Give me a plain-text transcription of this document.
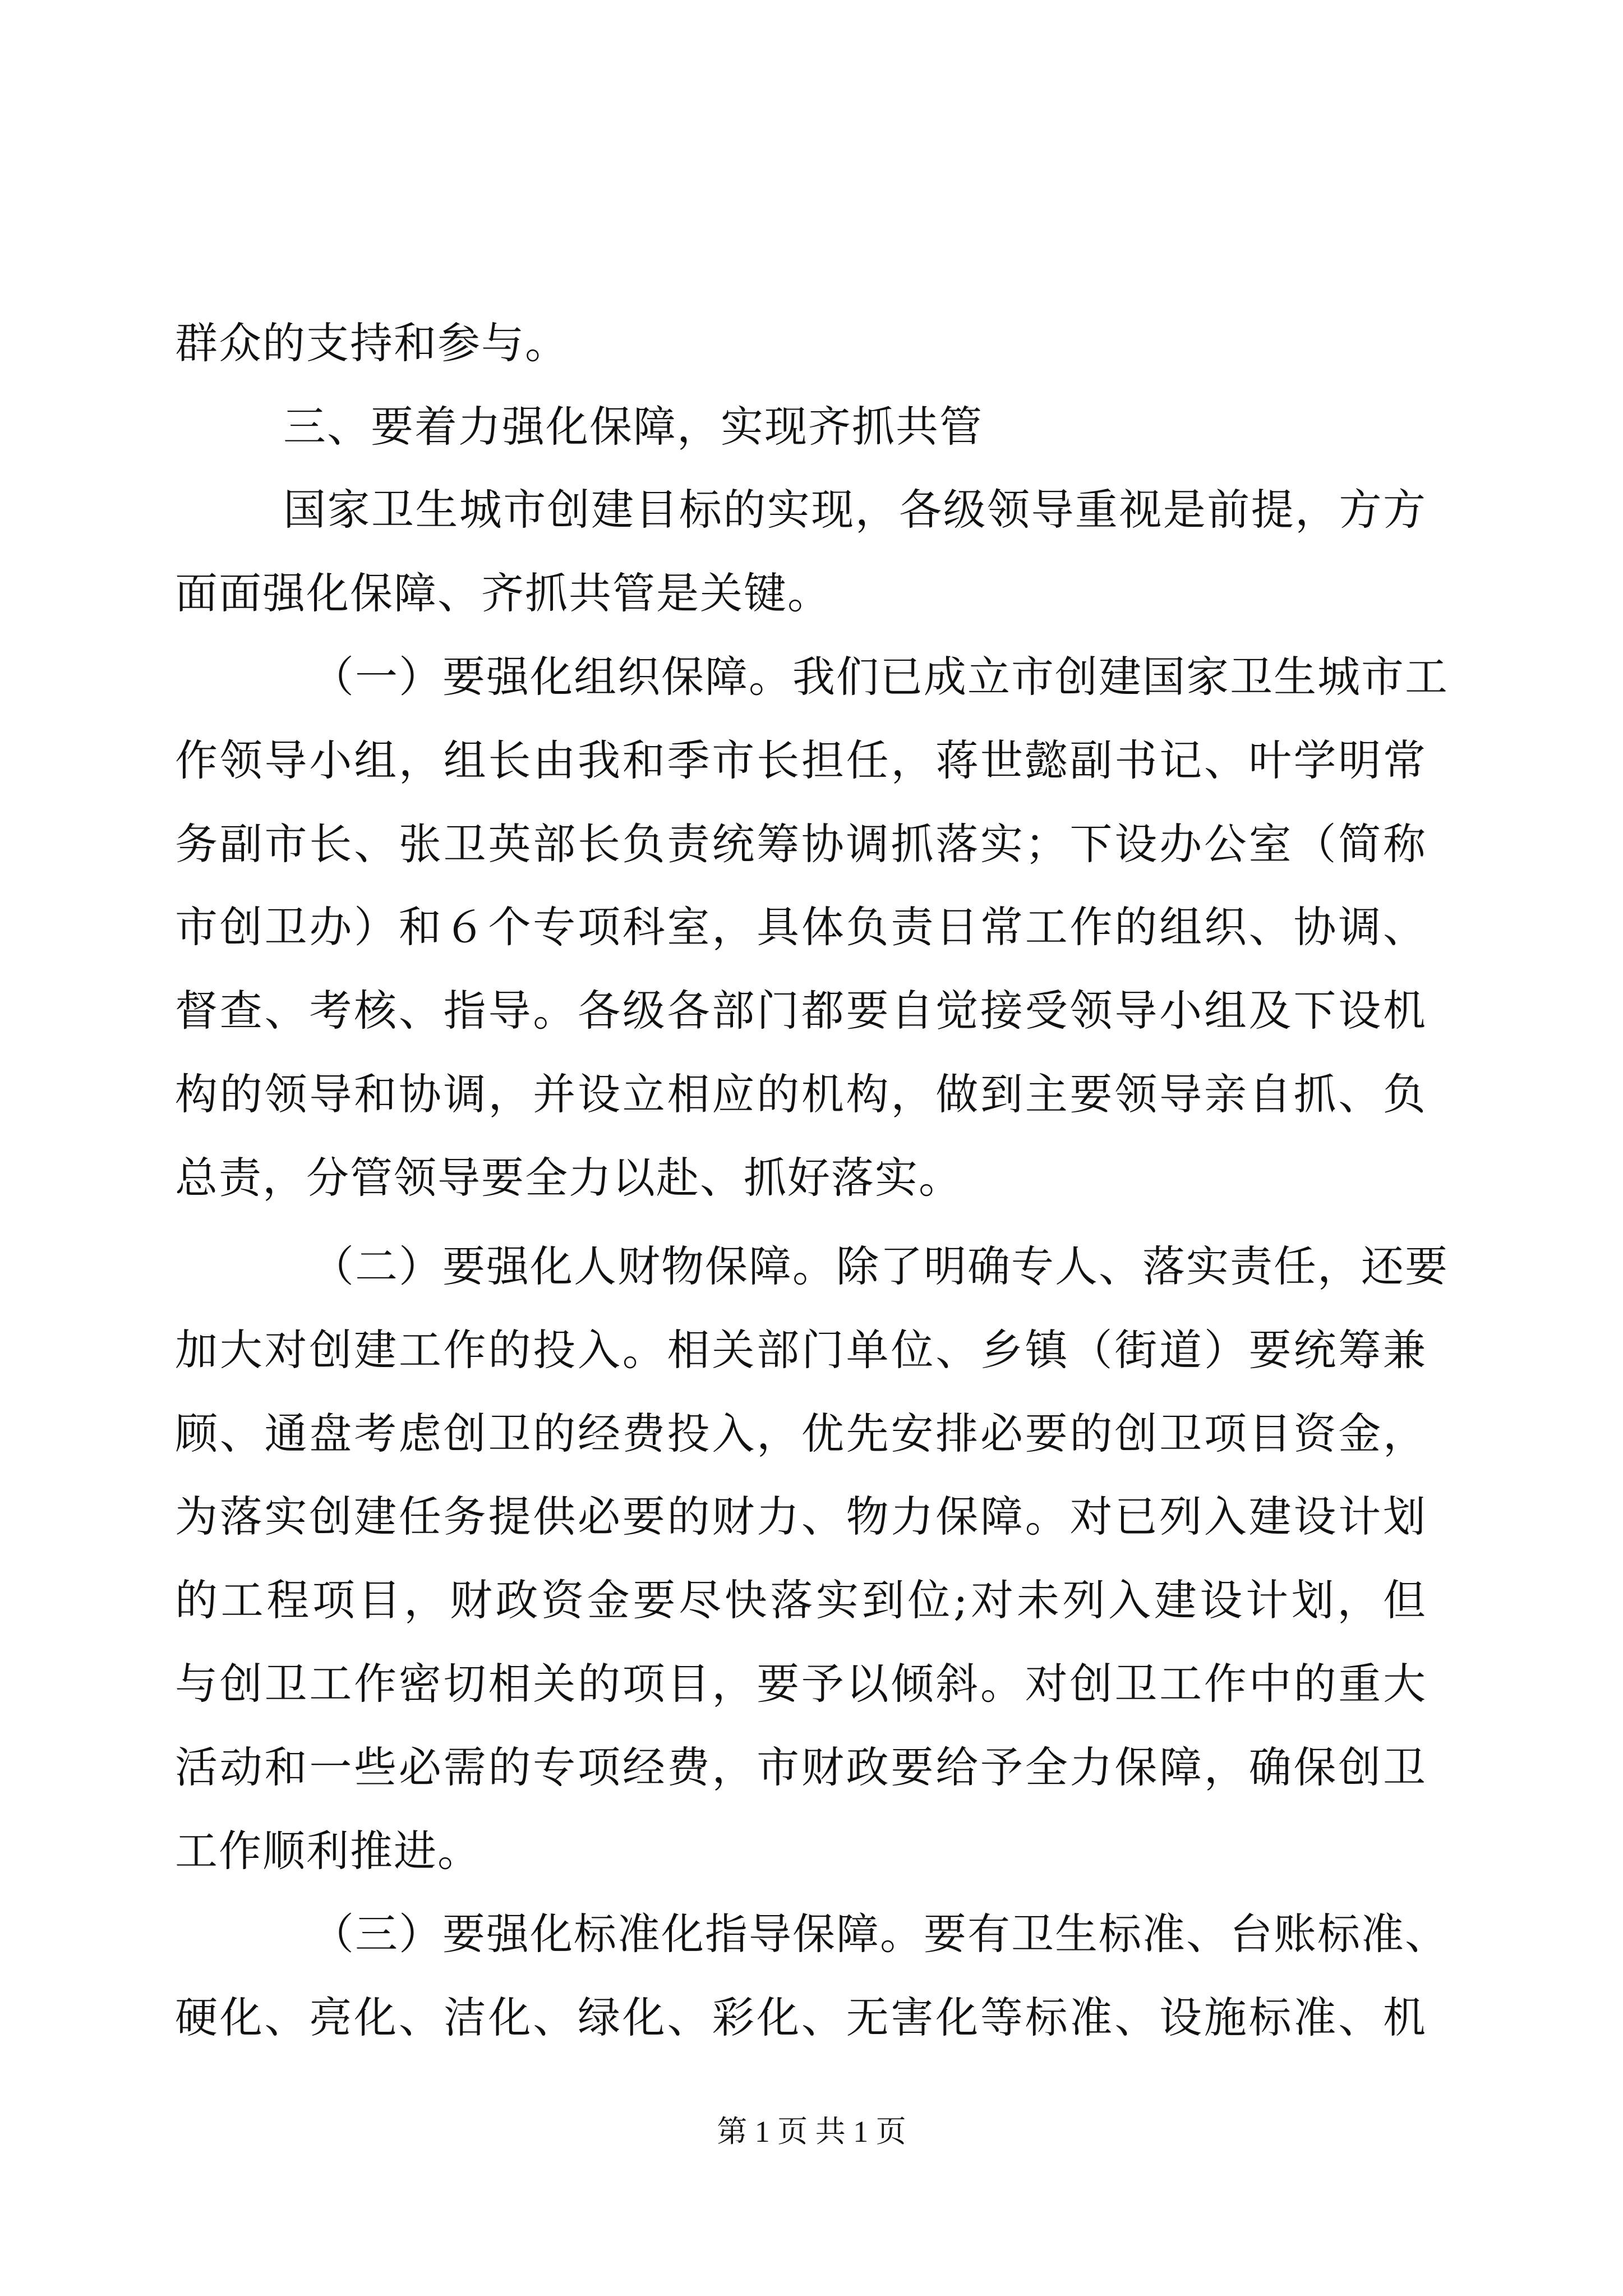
群众的支持和参与。
三、要着力强化保障，实现齐抓共管
国家卫生城市创建目标的实现，各级领导重视是前提，方方
面面强化保障、齐抓共管是关键。
（一）要强化组织保障。我们已成立市创建国家卫生城市工
作领导小组，组长由我和季市长担任，蒋世懿副书记、叶学明常
务副市长、张卫英部长负责统筹协调抓落实；下设办公室（简称
市创卫办）和６个专项科室，具体负责日常工作的组织、协调、
督查、考核、指导。各级各部门都要自觉接受领导小组及下设机
构的领导和协调，并设立相应的机构，做到主要领导亲自抓、负
总责，分管领导要全力以赴、抓好落实。
（二）要强化人财物保障。除了明确专人、落实责任，还要
加大对创建工作的投入。相关部门单位、乡镇（街道）要统筹兼
顾、通盘考虑创卫的经费投入，优先安排必要的创卫项目资金，
为落实创建任务提供必要的财力、物力保障。对已列入建设计划
的工程项目，财政资金要尽快落实到位;对未列入建设计划，但
与创卫工作密切相关的项目，要予以倾斜。对创卫工作中的重大
活动和一些必需的专项经费，市财政要给予全力保障，确保创卫
工作顺利推进。
第 1 页 共 1 页
（三）要强化标准化指导保障。要有卫生标准、台账标准、
硬化、亮化、洁化、绿化、彩化、无害化等标准、设施标准、机
